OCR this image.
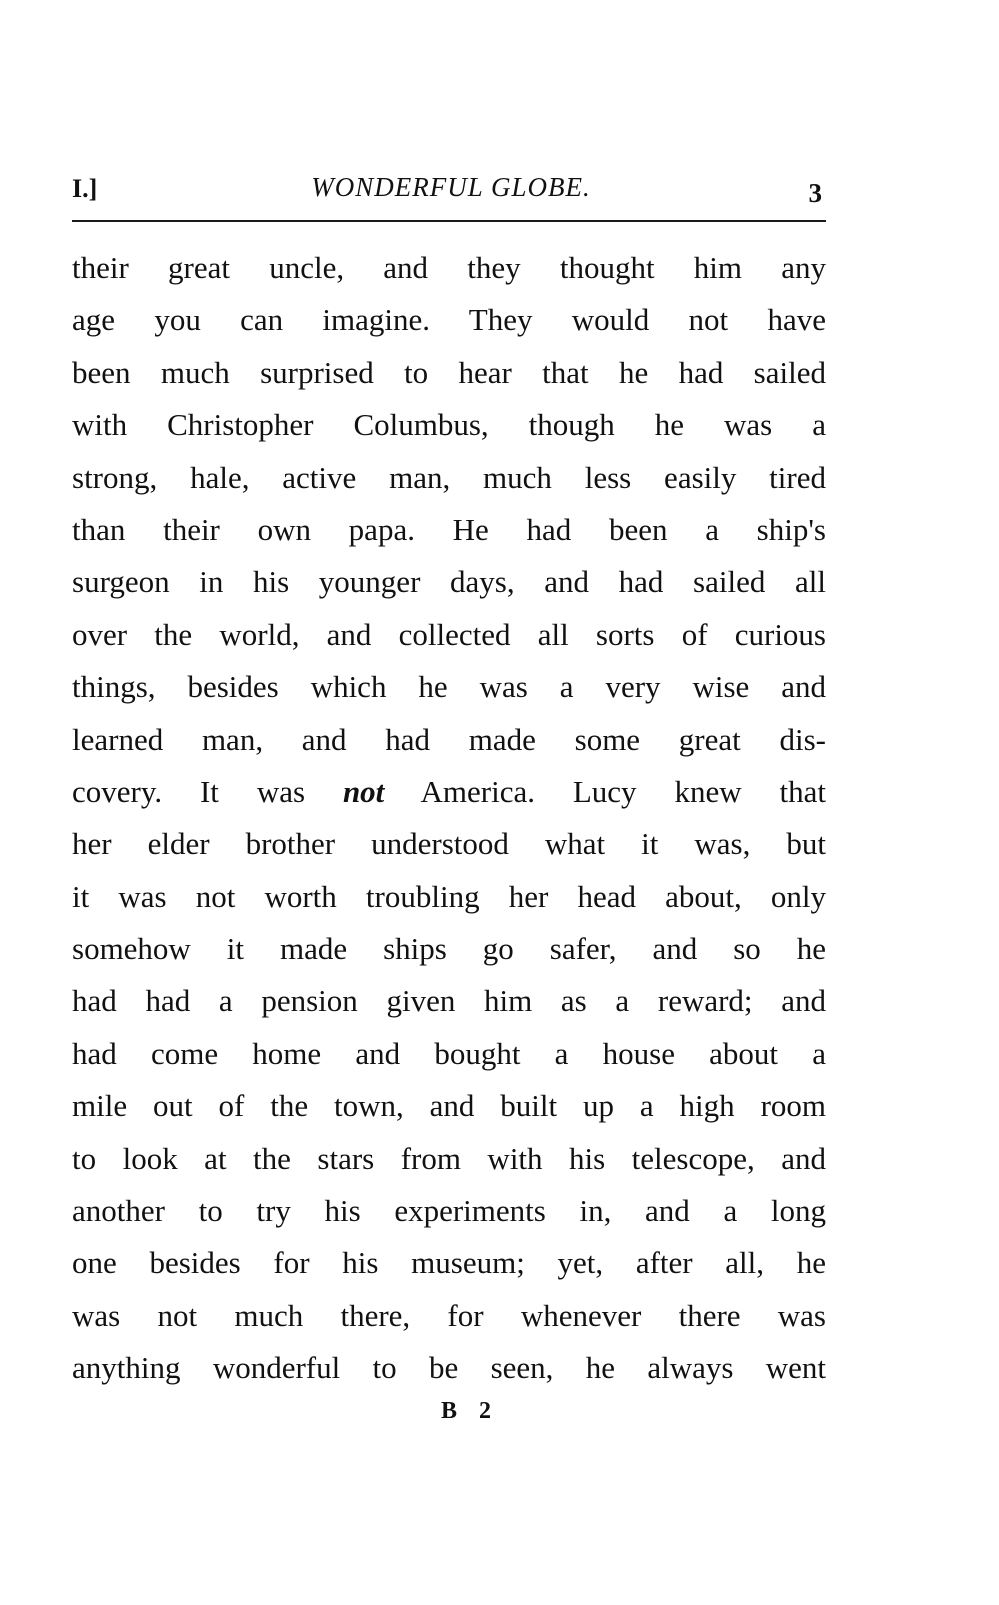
I.]	WONDERFUL GLOBE.	3
their great uncle, and they thought him any
age you can imagine. They would not have
been much surprised to hear that he had sailed
with Christopher Columbus, though he was a
strong, hale, active man, much less easily tired
than their own papa. He had been a ship's
surgeon in his younger days, and had sailed all
over the world, and collected all sorts of curious
things, besides which he was a very wise and
learned man, and had made some great dis-
covery. It was not America. Lucy knew that
her elder brother understood what it was, but
it was not worth troubling her head about, only
somehow it made ships go safer, and so he
had had a pension given him as a reward; and
had come home and bought a house about a
mile out of the town, and built up a high room
to look at the stars from with his telescope, and
another to try his experiments in, and a long
one besides for his museum; yet, after all, he
was not much there, for whenever there was
anything wonderful to be seen, he always went
B 2
